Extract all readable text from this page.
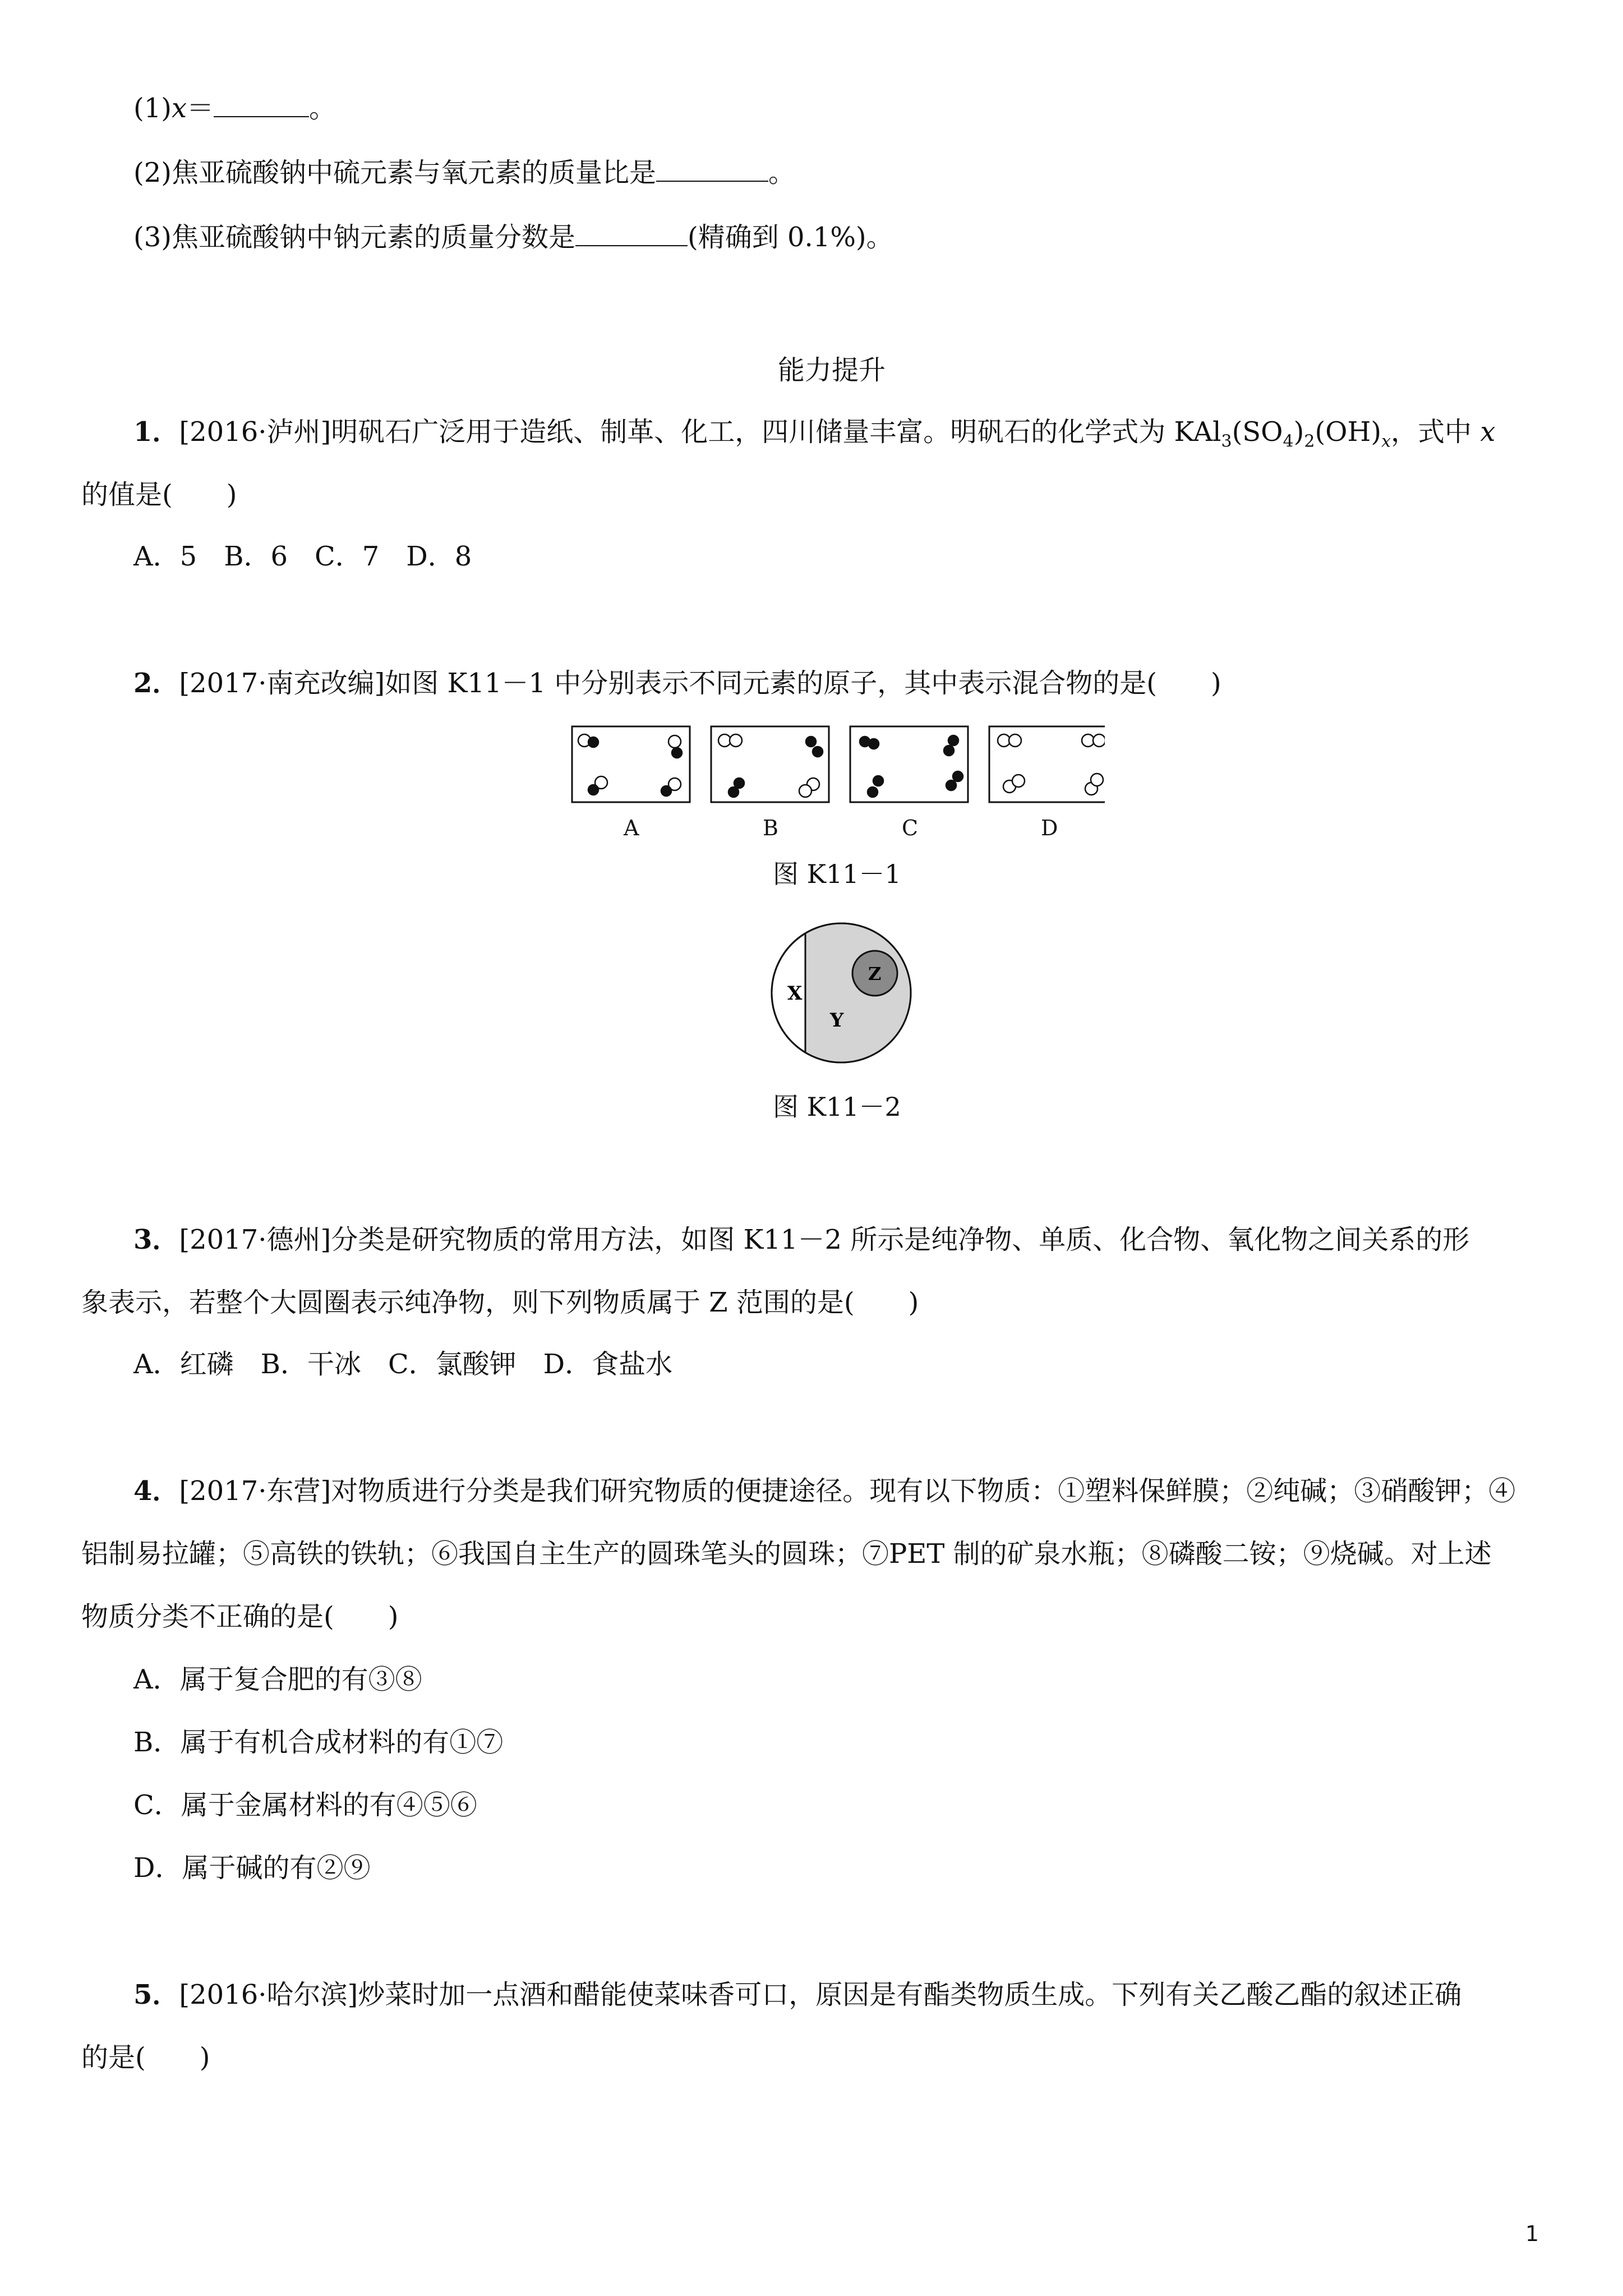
(1)x＝	。
(2)焦亚硫酸钠中硫元素与氧元素的质量比是	。
(3)焦亚硫酸钠中钠元素的质量分数是	(精确到 0.1%)。
能力提升
1．[2016·泸州]明矾石广泛用于造纸、制革、化工，四川储量丰富。明矾石的化学式为 $KAl_3(SO_4)_2(OH)_x$，式中 x
的值是(　　)
A．5　B．6　C．7　D．8
2．[2017·南充改编]如图 K11－1 中分别表示不同元素的原子，其中表示混合物的是(　　)
A	B	C	D
图 K11－1
X
Y
Z
图 K11－2
3．[2017·德州]分类是研究物质的常用方法，如图 K11－2 所示是纯净物、单质、化合物、氧化物之间关系的形
象表示，若整个大圆圈表示纯净物，则下列物质属于 Z 范围的是(　　)
A．红磷　B．干冰　C．氯酸钾　D．食盐水
4．[2017·东营]对物质进行分类是我们研究物质的便捷途径。现有以下物质：①塑料保鲜膜；②纯碱；③硝酸钾；④
铝制易拉罐；⑤高铁的铁轨；⑥我国自主生产的圆珠笔头的圆珠；⑦PET 制的矿泉水瓶；⑧磷酸二铵；⑨烧碱。对上述
物质分类不正确的是(　　)
A．属于复合肥的有③⑧
B．属于有机合成材料的有①⑦
C．属于金属材料的有④⑤⑥
D．属于碱的有②⑨
5．[2016·哈尔滨]炒菜时加一点酒和醋能使菜味香可口，原因是有酯类物质生成。下列有关乙酸乙酯的叙述正确
的是(　　)
1
